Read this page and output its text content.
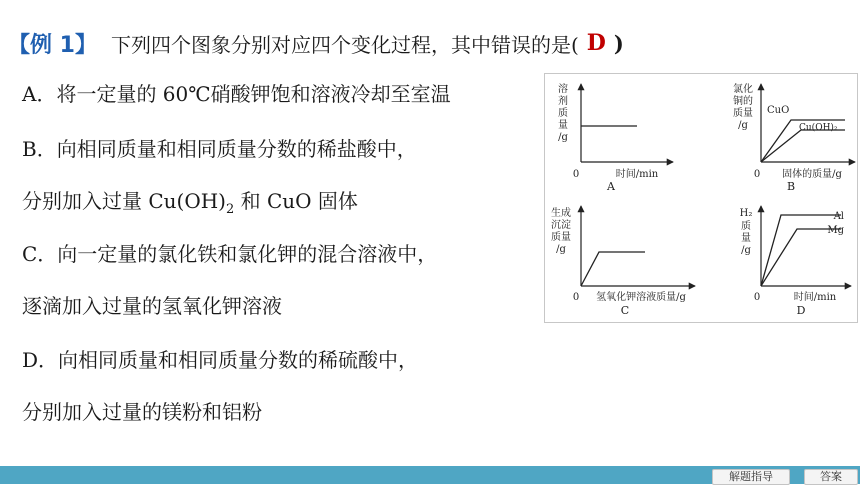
【例 1】 下列四个图象分别对应四个变化过程，其中错误的是( D )
A．将一定量的 60℃硝酸钾饱和溶液冷却至室温
B．向相同质量和相同质量分数的稀盐酸中，
分别加入过量 $Cu(OH)_2$ 和 CuO 固体
C．向一定量的氯化铁和氯化钾的混合溶液中，
逐滴加入过量的氢氧化钾溶液
D．向相同质量和相同质量分数的稀硫酸中，
分别加入过量的镁粉和铝粉
溶
剂
质
量
/g
0	时间/min
A
氯化
铜的
质量
/g
CuO
Cu(OH)₂
0 固体的质量/g
B
生成
沉淀
质量
/g
0 氢氧化钾溶液质量/g
C
H₂
质
量
/g
Al
Mg
0	时间/min
D
解题指导	答案
